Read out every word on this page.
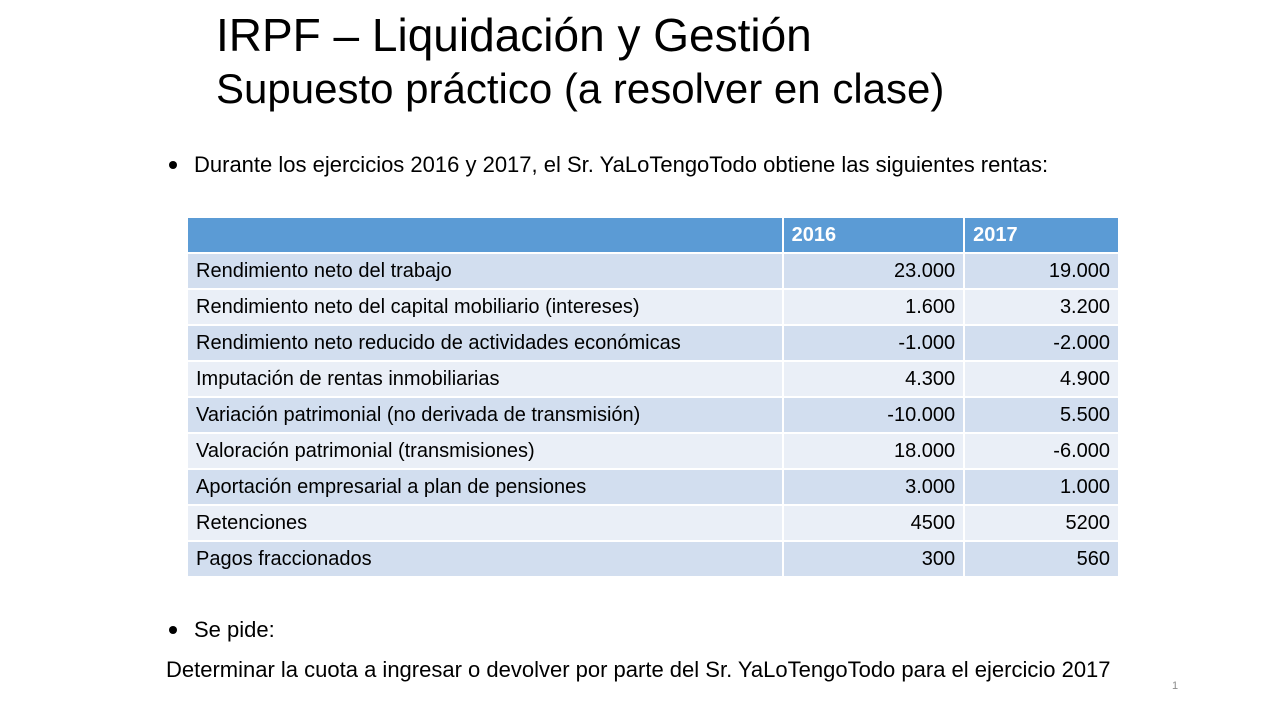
IRPF – Liquidación y Gestión
Supuesto práctico (a resolver en clase)
Durante los ejercicios 2016 y 2017, el Sr. YaLoTengoTodo obtiene las siguientes rentas:
	2016	2017
Rendimiento neto del trabajo	23.000	19.000
Rendimiento neto del capital mobiliario (intereses)	1.600	3.200
Rendimiento neto reducido de actividades económicas	-1.000	-2.000
Imputación de rentas inmobiliarias	4.300	4.900
Variación patrimonial (no derivada de transmisión)	-10.000	5.500
Valoración patrimonial (transmisiones)	18.000	-6.000
Aportación empresarial a plan de pensiones	3.000	1.000
Retenciones	4500	5200
Pagos fraccionados	300	560
Se pide:
Determinar la cuota a ingresar o devolver por parte del Sr. YaLoTengoTodo para el ejercicio 2017
1
